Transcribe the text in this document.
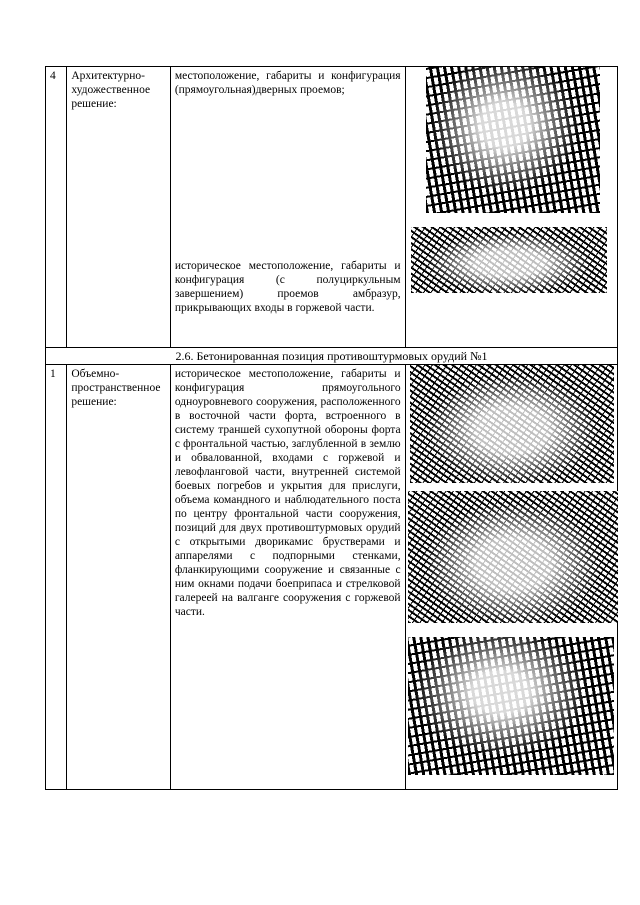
4	Архитектурно-художественное решение:	местоположение, габариты и конфигурация (прямоугольная)дверных проемов;
историческое местоположение, габариты и конфигурация (с полуциркульным завершением) проемов амбразур, прикрывающих входы в горжевой части.	

2.6. Бетонированная позиция противоштурмовых орудий №1			
1	Объемно-пространственное решение:	историческое местоположение, габариты и конфигурация прямоугольного одноуровневого сооружения, расположенного в восточной части форта, встроенного в систему траншей сухопутной обороны форта с фронтальной частью, заглубленной в землю и обвалованной, входами с горжевой и левофланговой части, внутренней системой боевых погребов и укрытия для прислуги, объема командного и наблюдательного поста по центру фронтальной части сооружения, позиций для двух противоштурмовых орудий с открытыми дворикамис брустверами и аппарелями с подпорными стенками, фланкирующими сооружение и связанные с ним окнами подачи боеприпаса и стрелковой галереей на валганге сооружения с горжевой части.	
